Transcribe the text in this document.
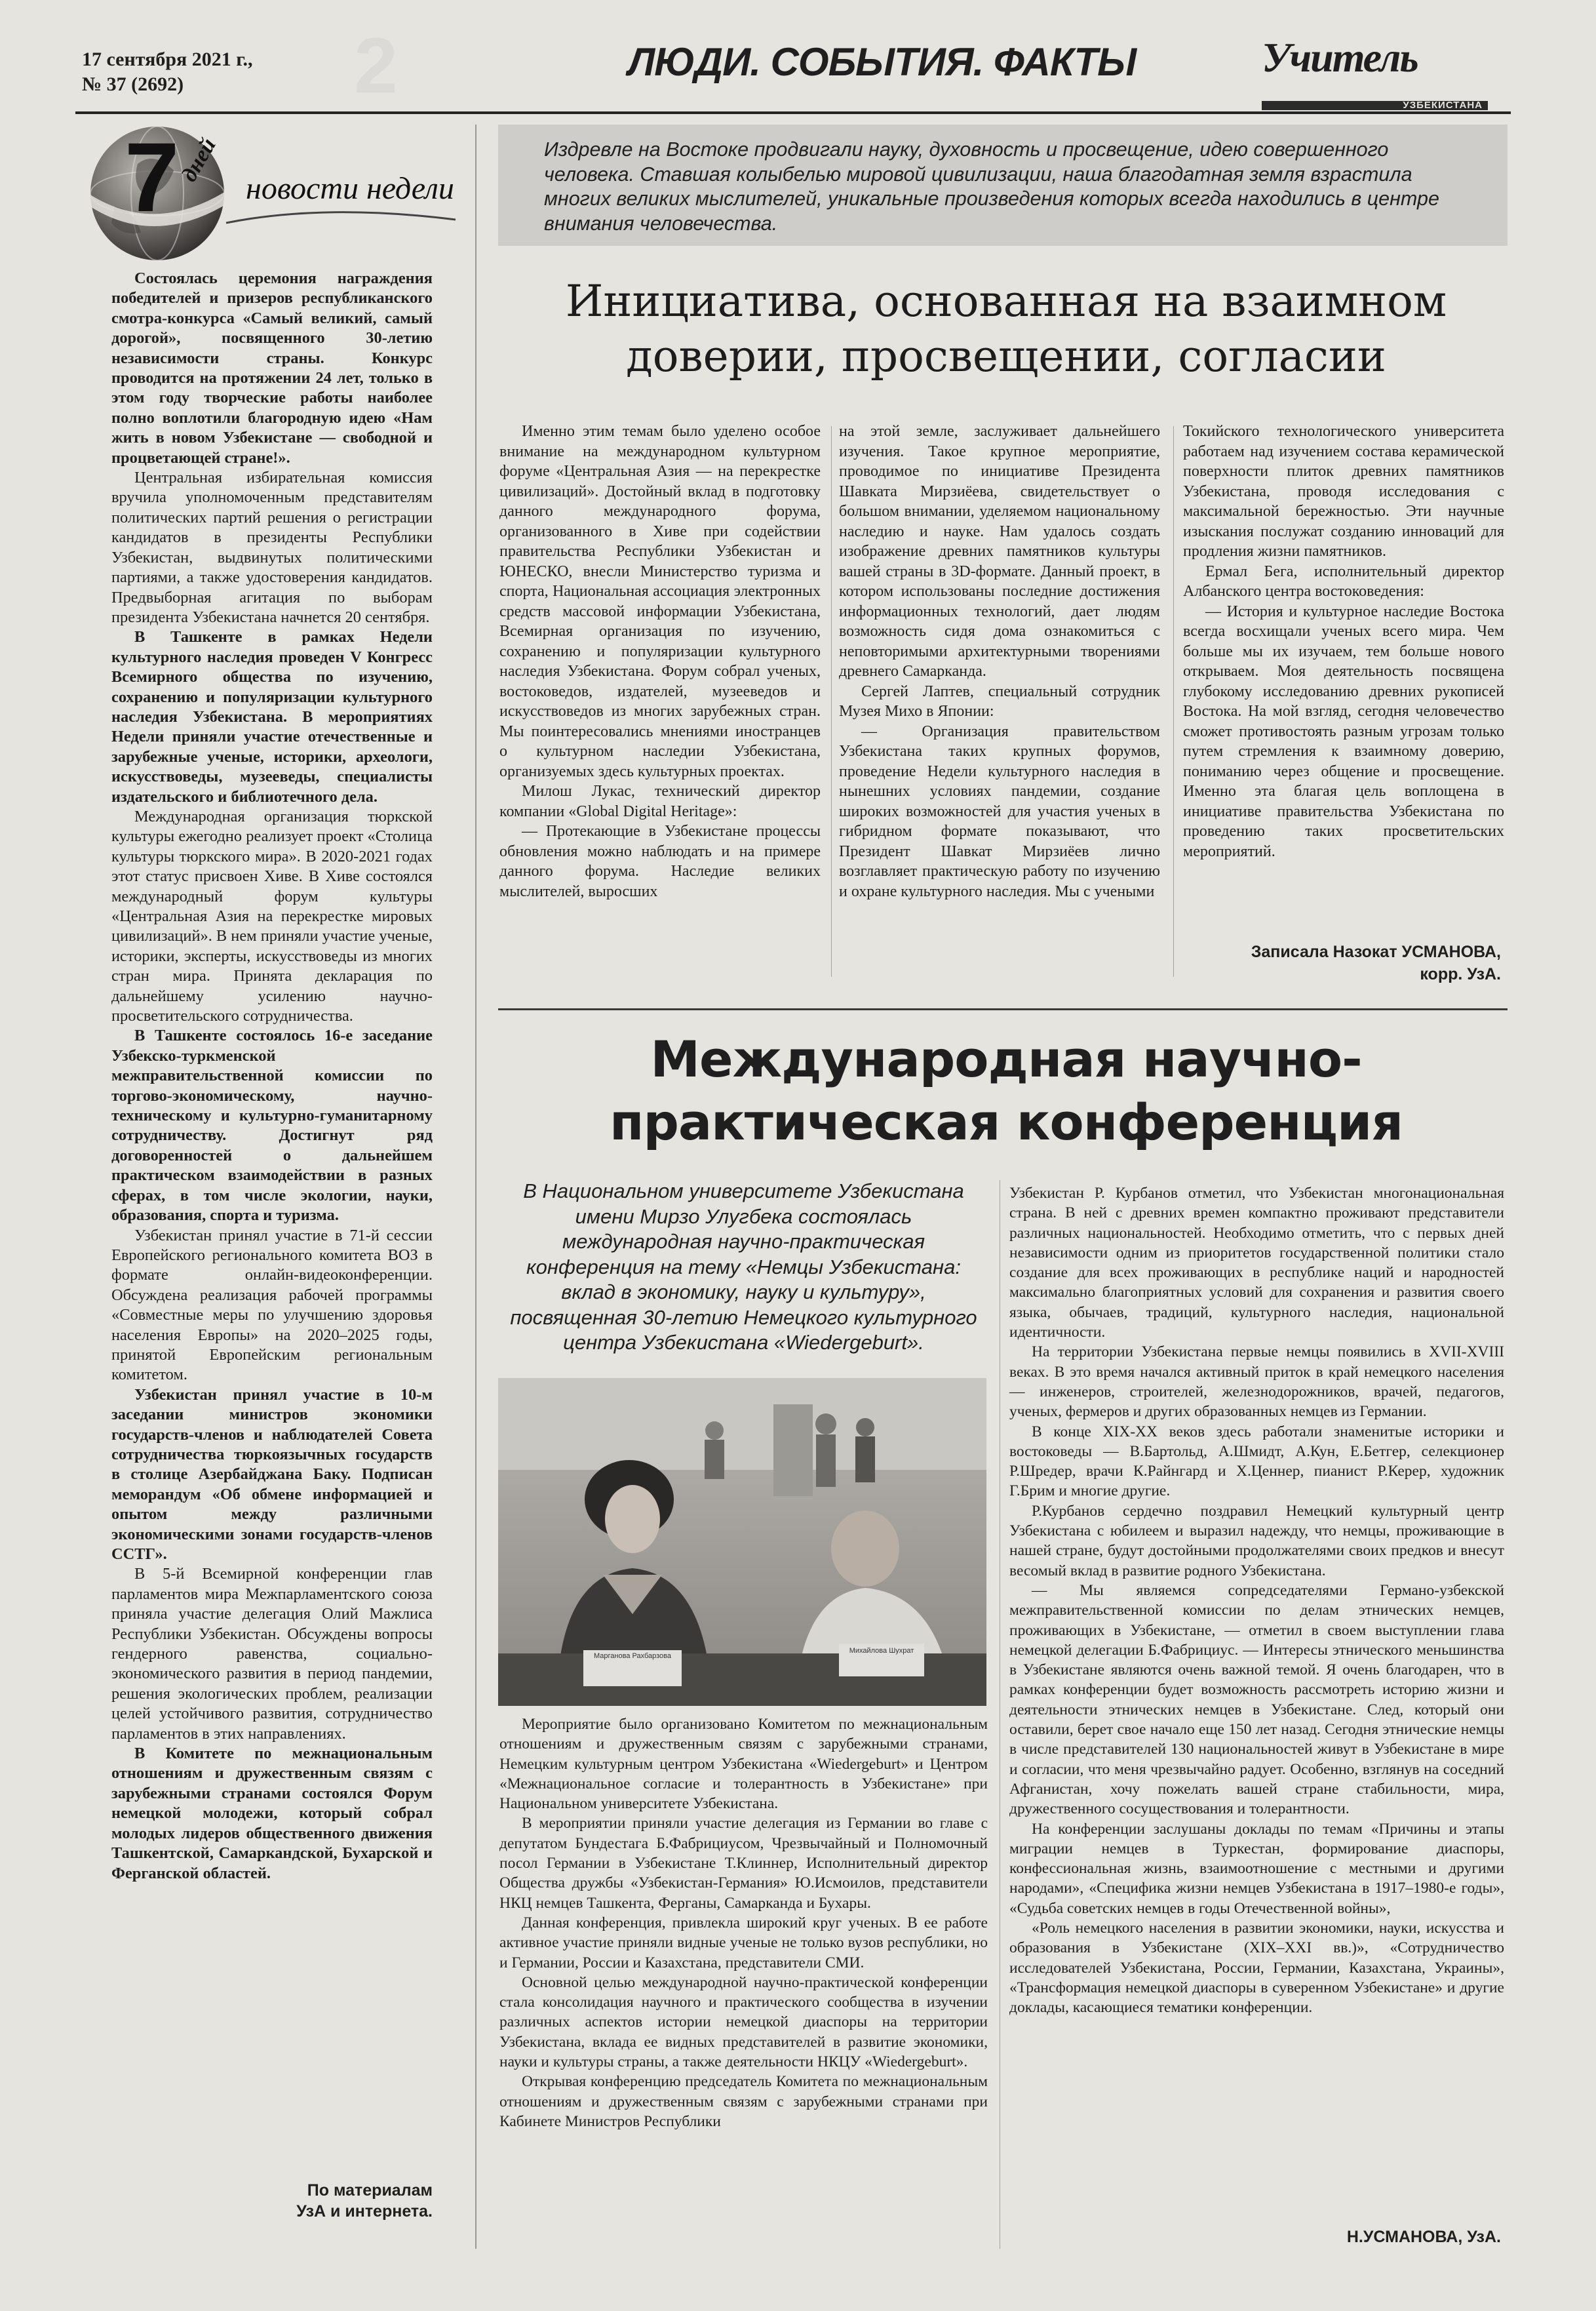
17 сентября 2021 г.,
№ 37 (2692)	2	ЛЮДИ. СОБЫТИЯ. ФАКТЫ	Учитель
УЗБЕКИСТАНА
7
дней
новости недели

Состоялась церемония награждения победителей и призеров республиканского смотра-конкурса «Самый великий, самый дорогой», посвященного 30-летию независимости страны. Конкурс проводится на протяжении 24 лет, только в этом году творческие работы наиболее полно воплотили благородную идею «Нам жить в новом Узбекистане — свободной и процветающей стране!».

Центральная избирательная комиссия вручила уполномоченным представителям политических партий решения о регистрации кандидатов в президенты Республики Узбекистан, выдвинутых политическими партиями, а также удостоверения кандидатов. Предвыборная агитация по выборам президента Узбекистана начнется 20 сентября.

В Ташкенте в рамках Недели культурного наследия проведен V Конгресс Всемирного общества по изучению, сохранению и популяризации культурного наследия Узбекистана. В мероприятиях Недели приняли участие отечественные и зарубежные ученые, историки, археологи, искусствоведы, музееведы, специалисты издательского и библиотечного дела.

Международная организация тюркской культуры ежегодно реализует проект «Столица культуры тюркского мира». В 2020-2021 годах этот статус присвоен Хиве. В Хиве состоялся международный форум культуры «Центральная Азия на перекрестке мировых цивилизаций». В нем приняли участие ученые, историки, эксперты, искусствоведы из многих стран мира. Принята декларация по дальнейшему усилению научно-просветительского сотрудничества.

В Ташкенте состоялось 16-е заседание Узбекско-туркменской межправительственной комиссии по торгово-экономическому, научно-техническому и культурно-гуманитарному сотрудничеству. Достигнут ряд договоренностей о дальнейшем практическом взаимодействии в разных сферах, в том числе экологии, науки, образования, спорта и туризма.

Узбекистан принял участие в 71-й сессии Европейского регионального комитета ВОЗ в формате онлайн-видеоконференции. Обсуждена реализация рабочей программы «Совместные меры по улучшению здоровья населения Европы» на 2020–2025 годы, принятой Европейским региональным комитетом.

Узбекистан принял участие в 10-м заседании министров экономики государств-членов и наблюдателей Совета сотрудничества тюркоязычных государств в столице Азербайджана Баку. Подписан меморандум «Об обмене информацией и опытом между различными экономическими зонами государств-членов ССТГ».

В 5-й Всемирной конференции глав парламентов мира Межпарламентского союза приняла участие делегация Олий Мажлиса Республики Узбекистан. Обсуждены вопросы гендерного равенства, социально-экономического развития в период пандемии, решения экологических проблем, реализации целей устойчивого развития, сотрудничество парламентов в этих направлениях.

В Комитете по межнациональным отношениям и дружественным связям с зарубежными странами состоялся Форум немецкой молодежи, который собрал молодых лидеров общественного движения Ташкентской, Самаркандской, Бухарской и Ферганской областей.

По материалам
УзА и интернета.
Издревле на Востоке продвигали науку, духовность и просвещение, идею совершенного человека. Ставшая колыбелью мировой цивилизации, наша благодатная земля взрастила многих великих мыслителей, уникальные произведения которых всегда находились в центре внимания человечества.
Инициатива, основанная на взаимном
доверии, просвещении, согласии

Именно этим темам было уделено особое внимание на международном культурном форуме «Центральная Азия — на перекрестке цивилизаций». Достойный вклад в подготовку данного международного форума, организованного в Хиве при содействии правительства Республики Узбекистан и ЮНЕСКО, внесли Министерство туризма и спорта, Национальная ассоциация электронных средств массовой информации Узбекистана, Всемирная организация по изучению, сохранению и популяризации культурного наследия Узбекистана. Форум собрал ученых, востоковедов, издателей, музееведов и искусствоведов из многих зарубежных стран. Мы поинтересовались мнениями иностранцев о культурном наследии Узбекистана, организуемых здесь культурных проектах.

Милош Лукас, технический директор компании «Global Digital Heritage»:

— Протекающие в Узбекистане процессы обновления можно наблюдать и на примере данного форума. Наследие великих мыслителей, выросших

на этой земле, заслуживает дальнейшего изучения. Такое крупное мероприятие, проводимое по инициативе Президента Шавката Мирзиёева, свидетельствует о большом внимании, уделяемом национальному наследию и науке. Нам удалось создать изображение древних памятников культуры вашей страны в 3D-формате. Данный проект, в котором использованы последние достижения информационных технологий, дает людям возможность сидя дома ознакомиться с неповторимыми архитектурными творениями древнего Самарканда.

Сергей Лаптев, специальный сотрудник Музея Михо в Японии:

— Организация правительством Узбекистана таких крупных форумов, проведение Недели культурного наследия в нынешних условиях пандемии, создание широких возможностей для участия ученых в гибридном формате показывают, что Президент Шавкат Мирзиёев лично возглавляет практическую работу по изучению и охране культурного наследия. Мы с учеными

Токийского технологического университета работаем над изучением состава керамической поверхности плиток древних памятников Узбекистана, проводя исследования с максимальной бережностью. Эти научные изыскания послужат созданию инноваций для продления жизни памятников.

Ермал Бега, исполнительный директор Албанского центра востоковедения:

— История и культурное наследие Востока всегда восхищали ученых всего мира. Чем больше мы их изучаем, тем больше нового открываем. Моя деятельность посвящена глубокому исследованию древних рукописей Востока. На мой взгляд, сегодня человечество сможет противостоять разным угрозам только путем стремления к взаимному доверию, пониманию через общение и просвещение. Именно эта благая цель воплощена в инициативе правительства Узбекистана по проведению таких просветительских мероприятий.

Записала Назокат УСМАНОВА,
корр. УзА.
Международная научно-
практическая конференция
В Национальном университете Узбекистана имени Мирзо Улугбека состоялась международная научно-практическая конференция на тему «Немцы Узбекистана: вклад в экономику, науку и культуру», посвященная 30-летию Немецкого культурного центра Узбекистана «Wiedergeburt».
Марганова Рахбарзова
Михайлова Шухрат

Мероприятие было организовано Комитетом по межнациональным отношениям и дружественным связям с зарубежными странами, Немецким культурным центром Узбекистана «Wiedergeburt» и Центром «Межнациональное согласие и толерантность в Узбекистане» при Национальном университете Узбекистана.

В мероприятии приняли участие делегация из Германии во главе с депутатом Бундестага Б.Фабрициусом, Чрезвычайный и Полномочный посол Германии в Узбекистане Т.Клиннер, Исполнительный директор Общества дружбы «Узбекистан-Германия» Ю.Исмоилов, представители НКЦ немцев Ташкента, Ферганы, Самарканда и Бухары.

Данная конференция, привлекла широкий круг ученых. В ее работе активное участие приняли видные ученые не только вузов республики, но и Германии, России и Казахстана, представители СМИ.

Основной целью международной научно-практической конференции стала консолидация научного и практического сообщества в изучении различных аспектов истории немецкой диаспоры на территории Узбекистана, вклада ее видных представителей в развитие экономики, науки и культуры страны, а также деятельности НКЦУ «Wiedergeburt».

Открывая конференцию председатель Комитета по межнациональным отношениям и дружественным связям с зарубежными странами при Кабинете Министров Республики

Узбекистан Р. Курбанов отметил, что Узбекистан многонациональная страна. В ней с древних времен компактно проживают представители различных национальностей. Необходимо отметить, что с первых дней независимости одним из приоритетов государственной политики стало создание для всех проживающих в республике наций и народностей максимально благоприятных условий для сохранения и развития своего языка, обычаев, традиций, культурного наследия, национальной идентичности.

На территории Узбекистана первые немцы появились в XVII-XVIII веках. В это время начался активный приток в край немецкого населения — инженеров, строителей, железнодорожников, врачей, педагогов, ученых, фермеров и других образованных немцев из Германии.

В конце XIX-XX веков здесь работали знаменитые историки и востоковеды — В.Бартольд, А.Шмидт, А.Кун, Е.Бетгер, селекционер Р.Шредер, врачи К.Райнгард и Х.Ценнер, пианист Р.Керер, художник Г.Брим и многие другие.

Р.Курбанов сердечно поздравил Немецкий культурный центр Узбекистана с юбилеем и выразил надежду, что немцы, проживающие в нашей стране, будут достойными продолжателями своих предков и внесут весомый вклад в развитие родного Узбекистана.

— Мы являемся сопредседателями Германо-узбекской межправительственной комиссии по делам этнических немцев, проживающих в Узбекистане, — отметил в своем выступлении глава немецкой делегации Б.Фабрициус. — Интересы этнического меньшинства в Узбекистане являются очень важной темой. Я очень благодарен, что в рамках конференции будет возможность рассмотреть историю жизни и деятельности этнических немцев в Узбекистане. След, который они оставили, берет свое начало еще 150 лет назад. Сегодня этнические немцы в числе представителей 130 национальностей живут в Узбекистане в мире и согласии, что меня чрезвычайно радует. Особенно, взглянув на соседний Афганистан, хочу пожелать вашей стране стабильности, мира, дружественного сосуществования и толерантности.

На конференции заслушаны доклады по темам «Причины и этапы миграции немцев в Туркестан, формирование диаспоры, конфессиональная жизнь, взаимоотношение с местными и другими народами», «Специфика жизни немцев Узбекистана в 1917–1980-е годы», «Судьба советских немцев в годы Отечественной войны»,

«Роль немецкого населения в развитии экономики, науки, искусства и образования в Узбекистане (XIX–XXI вв.)», «Сотрудничество исследователей Узбекистана, России, Германии, Казахстана, Украины», «Трансформация немецкой диаспоры в суверенном Узбекистане» и другие доклады, касающиеся тематики конференции.

Н.УСМАНОВА, УзА.
